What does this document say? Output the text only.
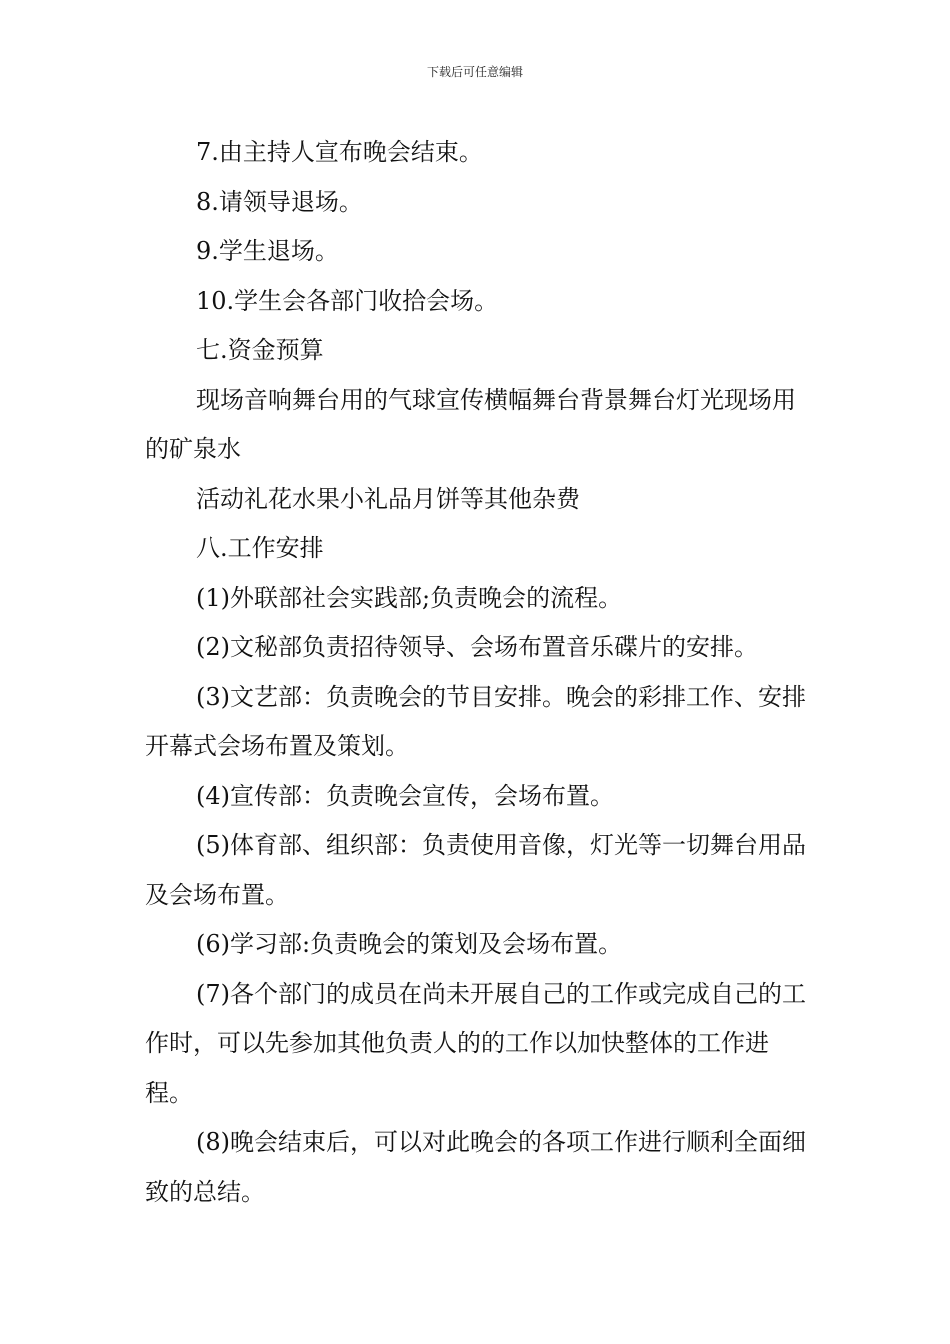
下载后可任意编辑

7.由主持人宣布晚会结束。

8.请领导退场。

9.学生退场。

10.学生会各部门收拾会场。

七.资金预算

现场音响舞台用的气球宣传横幅舞台背景舞台灯光现场用的矿泉水

活动礼花水果小礼品月饼等其他杂费

八.工作安排

(1)外联部社会实践部;负责晚会的流程。

(2)文秘部负责招待领导、会场布置音乐碟片的安排。

(3)文艺部：负责晚会的节目安排。晚会的彩排工作、安排开幕式会场布置及策划。

(4)宣传部：负责晚会宣传，会场布置。

(5)体育部、组织部：负责使用音像，灯光等一切舞台用品及会场布置。

(6)学习部:负责晚会的策划及会场布置。

(7)各个部门的成员在尚未开展自己的工作或完成自己的工作时，可以先参加其他负责人的的工作以加快整体的工作进程。

(8)晚会结束后，可以对此晚会的各项工作进行顺利全面细致的总结。
